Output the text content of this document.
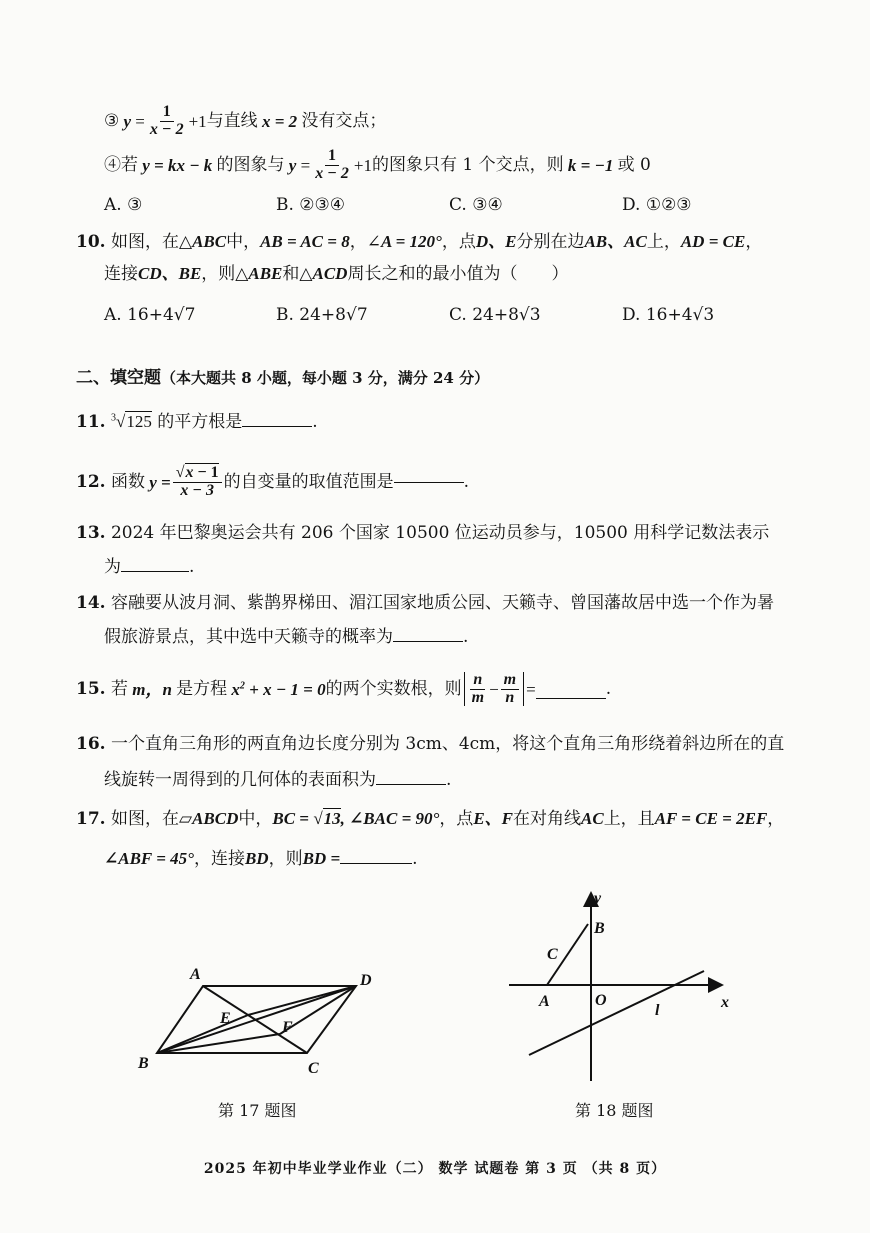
③ $y = \frac{1}{x - 2} +1$ 与直线 x = 2 没有交点；
④若 y = kx − k 的图象与 $y = \frac{1}{x - 2} +1$ 的图象只有 1 个交点，则 k = −1 或 0
A. ③	B. ②③④	C. ③④	D. ①②③
10. 如图，在△ABC中，AB = AC = 8，∠A = 120°，点D、E分别在边AB、AC上，AD = CE，
连接CD、BE，则△ABE和△ACD周长之和的最小值为（　　）
A. 16+4√7	B. 24+8√7	C. 24+8√3	D. 16+4√3
二、填空题（本大题共 8 小题，每小题 3 分，满分 24 分）
11. $^3$√125 的平方根是	.
12.
函数 $y = \frac{√x - 1}{x - 3}$ 的自变量的取值范围是	.
13. 2024 年巴黎奥运会共有 206 个国家 10500 位运动员参与，10500 用科学记数法表示
为	.
14. 容融要从波月洞、紫鹊界梯田、湄江国家地质公园、天籁寺、曾国藩故居中选一个作为暑
假旅游景点，其中选中天籁寺的概率为	.
15.
若 m，n 是方程 $x^2 + x - 1 = 0$ 的两个实数根，则 $\frac{n}{m} - \frac{m}{n}$ =	.
16. 一个直角三角形的两直角边长度分别为 3cm、4cm，将这个直角三角形绕着斜边所在的直
线旋转一周得到的几何体的表面积为	.
17. 如图，在▱ABCD中，BC = √13, ∠BAC = 90°，点E、F在对角线AC上，且AF = CE = 2EF，
∠ABF = 45°，连接BD，则BD =	.
A	D
B	C
E
F
第 17 题图
y
x
B
C
A	O
l
第 18 题图
2025 年初中毕业学业作业（二） 数学 试题卷 第 3 页 （共 8 页）
